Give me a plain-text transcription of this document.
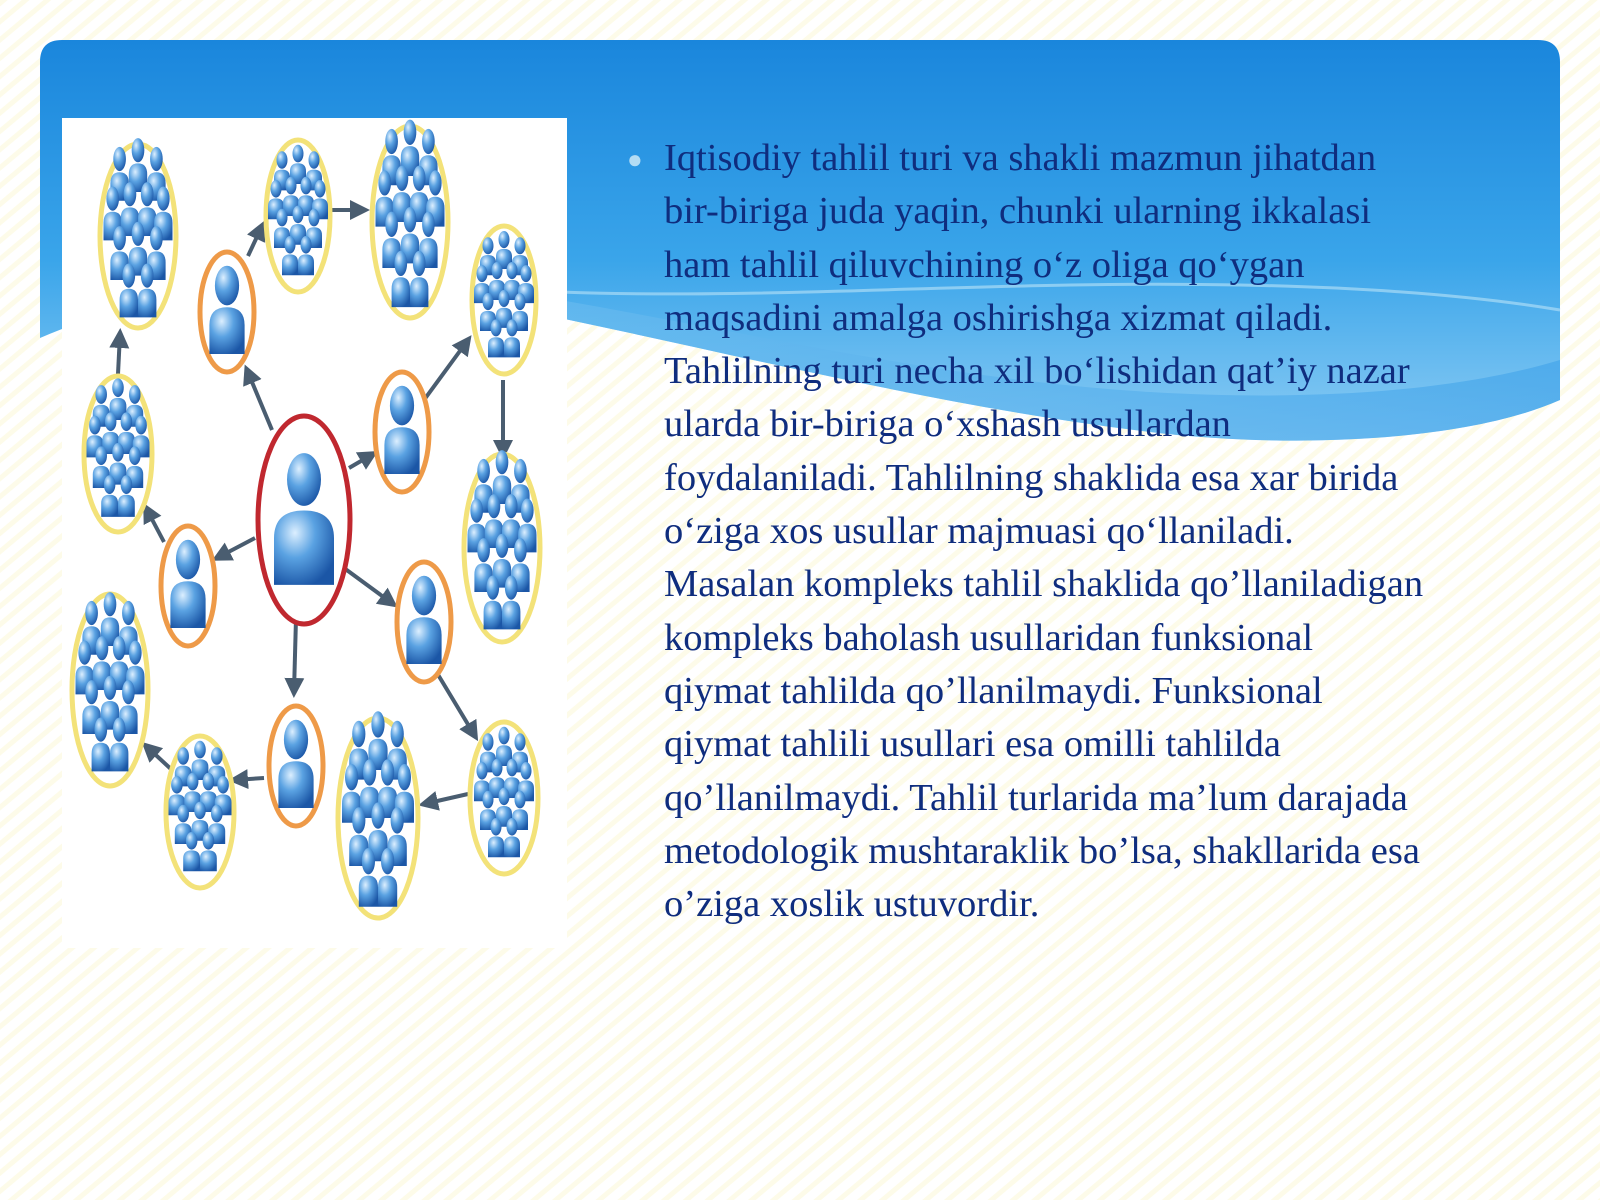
● Iqtisodiy tahlil turi va shakli mazmun jihatdan
bir-biriga juda yaqin, chunki ularning ikkalasi
ham tahlil qiluvchining o‘z oliga qo‘ygan
maqsadini amalga oshirishga xizmat qiladi.
Tahlilning turi necha xil bo‘lishidan qat’iy nazar
ularda bir-biriga o‘xshash usullardan
foydalaniladi. Tahlilning shaklida esa xar birida
o‘ziga xos usullar majmuasi qo‘llaniladi.
Masalan kompleks tahlil shaklida qo’llaniladigan
kompleks baholash usullaridan funksional
qiymat tahlilda qo’llanilmaydi. Funksional
qiymat tahlili usullari esa omilli tahlilda
qo’llanilmaydi. Tahlil turlarida ma’lum darajada
metodologik mushtaraklik bo’lsa, shakllarida esa
o’ziga xoslik ustuvordir.
